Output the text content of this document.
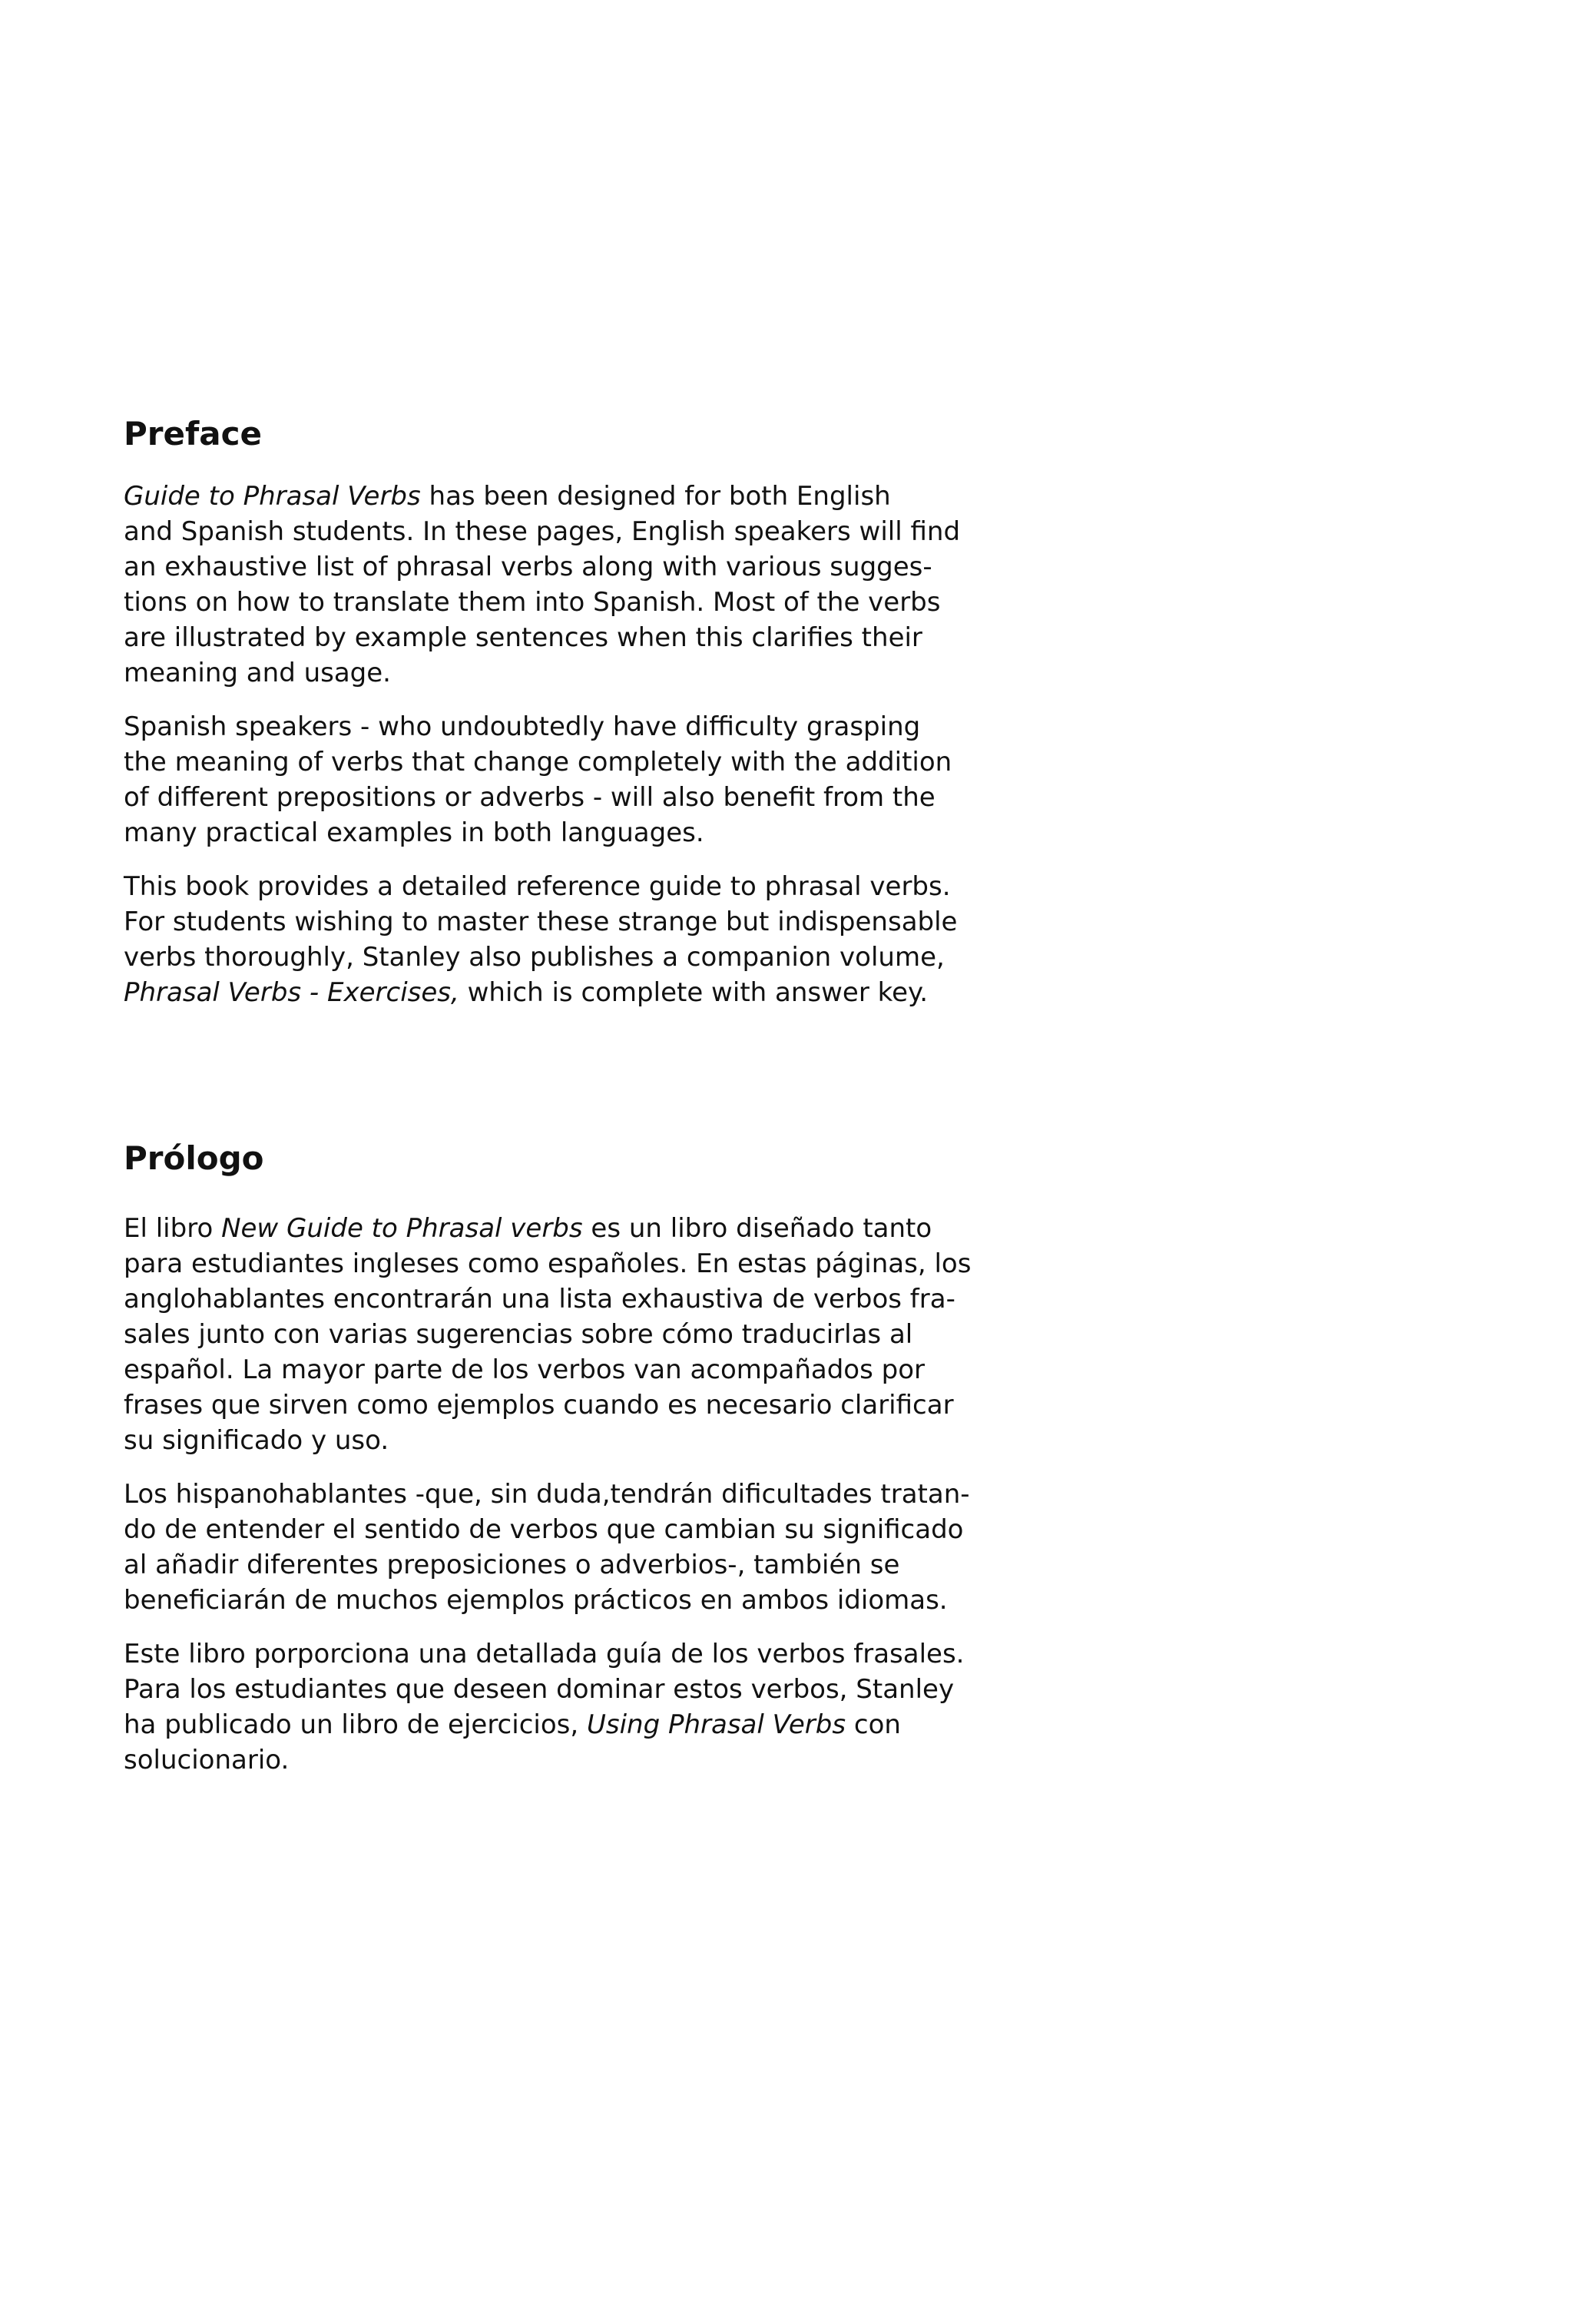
Preface

Guide to Phrasal Verbs has been designed for both English
and Spanish students. In these pages, English speakers will find
an exhaustive list of phrasal verbs along with various sugges-
tions on how to translate them into Spanish. Most of the verbs
are illustrated by example sentences when this clarifies their
meaning and usage.

Spanish speakers - who undoubtedly have difficulty grasping
the meaning of verbs that change completely with the addition
of different prepositions or adverbs - will also benefit from the
many practical examples in both languages.

This book provides a detailed reference guide to phrasal verbs.
For students wishing to master these strange but indispensable
verbs thoroughly, Stanley also publishes a companion volume,
Phrasal Verbs - Exercises, which is complete with answer key.

Prólogo

El libro New Guide to Phrasal verbs es un libro diseñado tanto
para estudiantes ingleses como españoles. En estas páginas, los
anglohablantes encontrarán una lista exhaustiva de verbos fra-
sales junto con varias sugerencias sobre cómo traducirlas al
español. La mayor parte de los verbos van acompañados por
frases que sirven como ejemplos cuando es necesario clarificar
su significado y uso.

Los hispanohablantes -que, sin duda,tendrán dificultades tratan-
do de entender el sentido de verbos que cambian su significado
al añadir diferentes preposiciones o adverbios-, también se
beneficiarán de muchos ejemplos prácticos en ambos idiomas.

Este libro porporciona una detallada guía de los verbos frasales.
Para los estudiantes que deseen dominar estos verbos, Stanley
ha publicado un libro de ejercicios, Using Phrasal Verbs con
solucionario.
